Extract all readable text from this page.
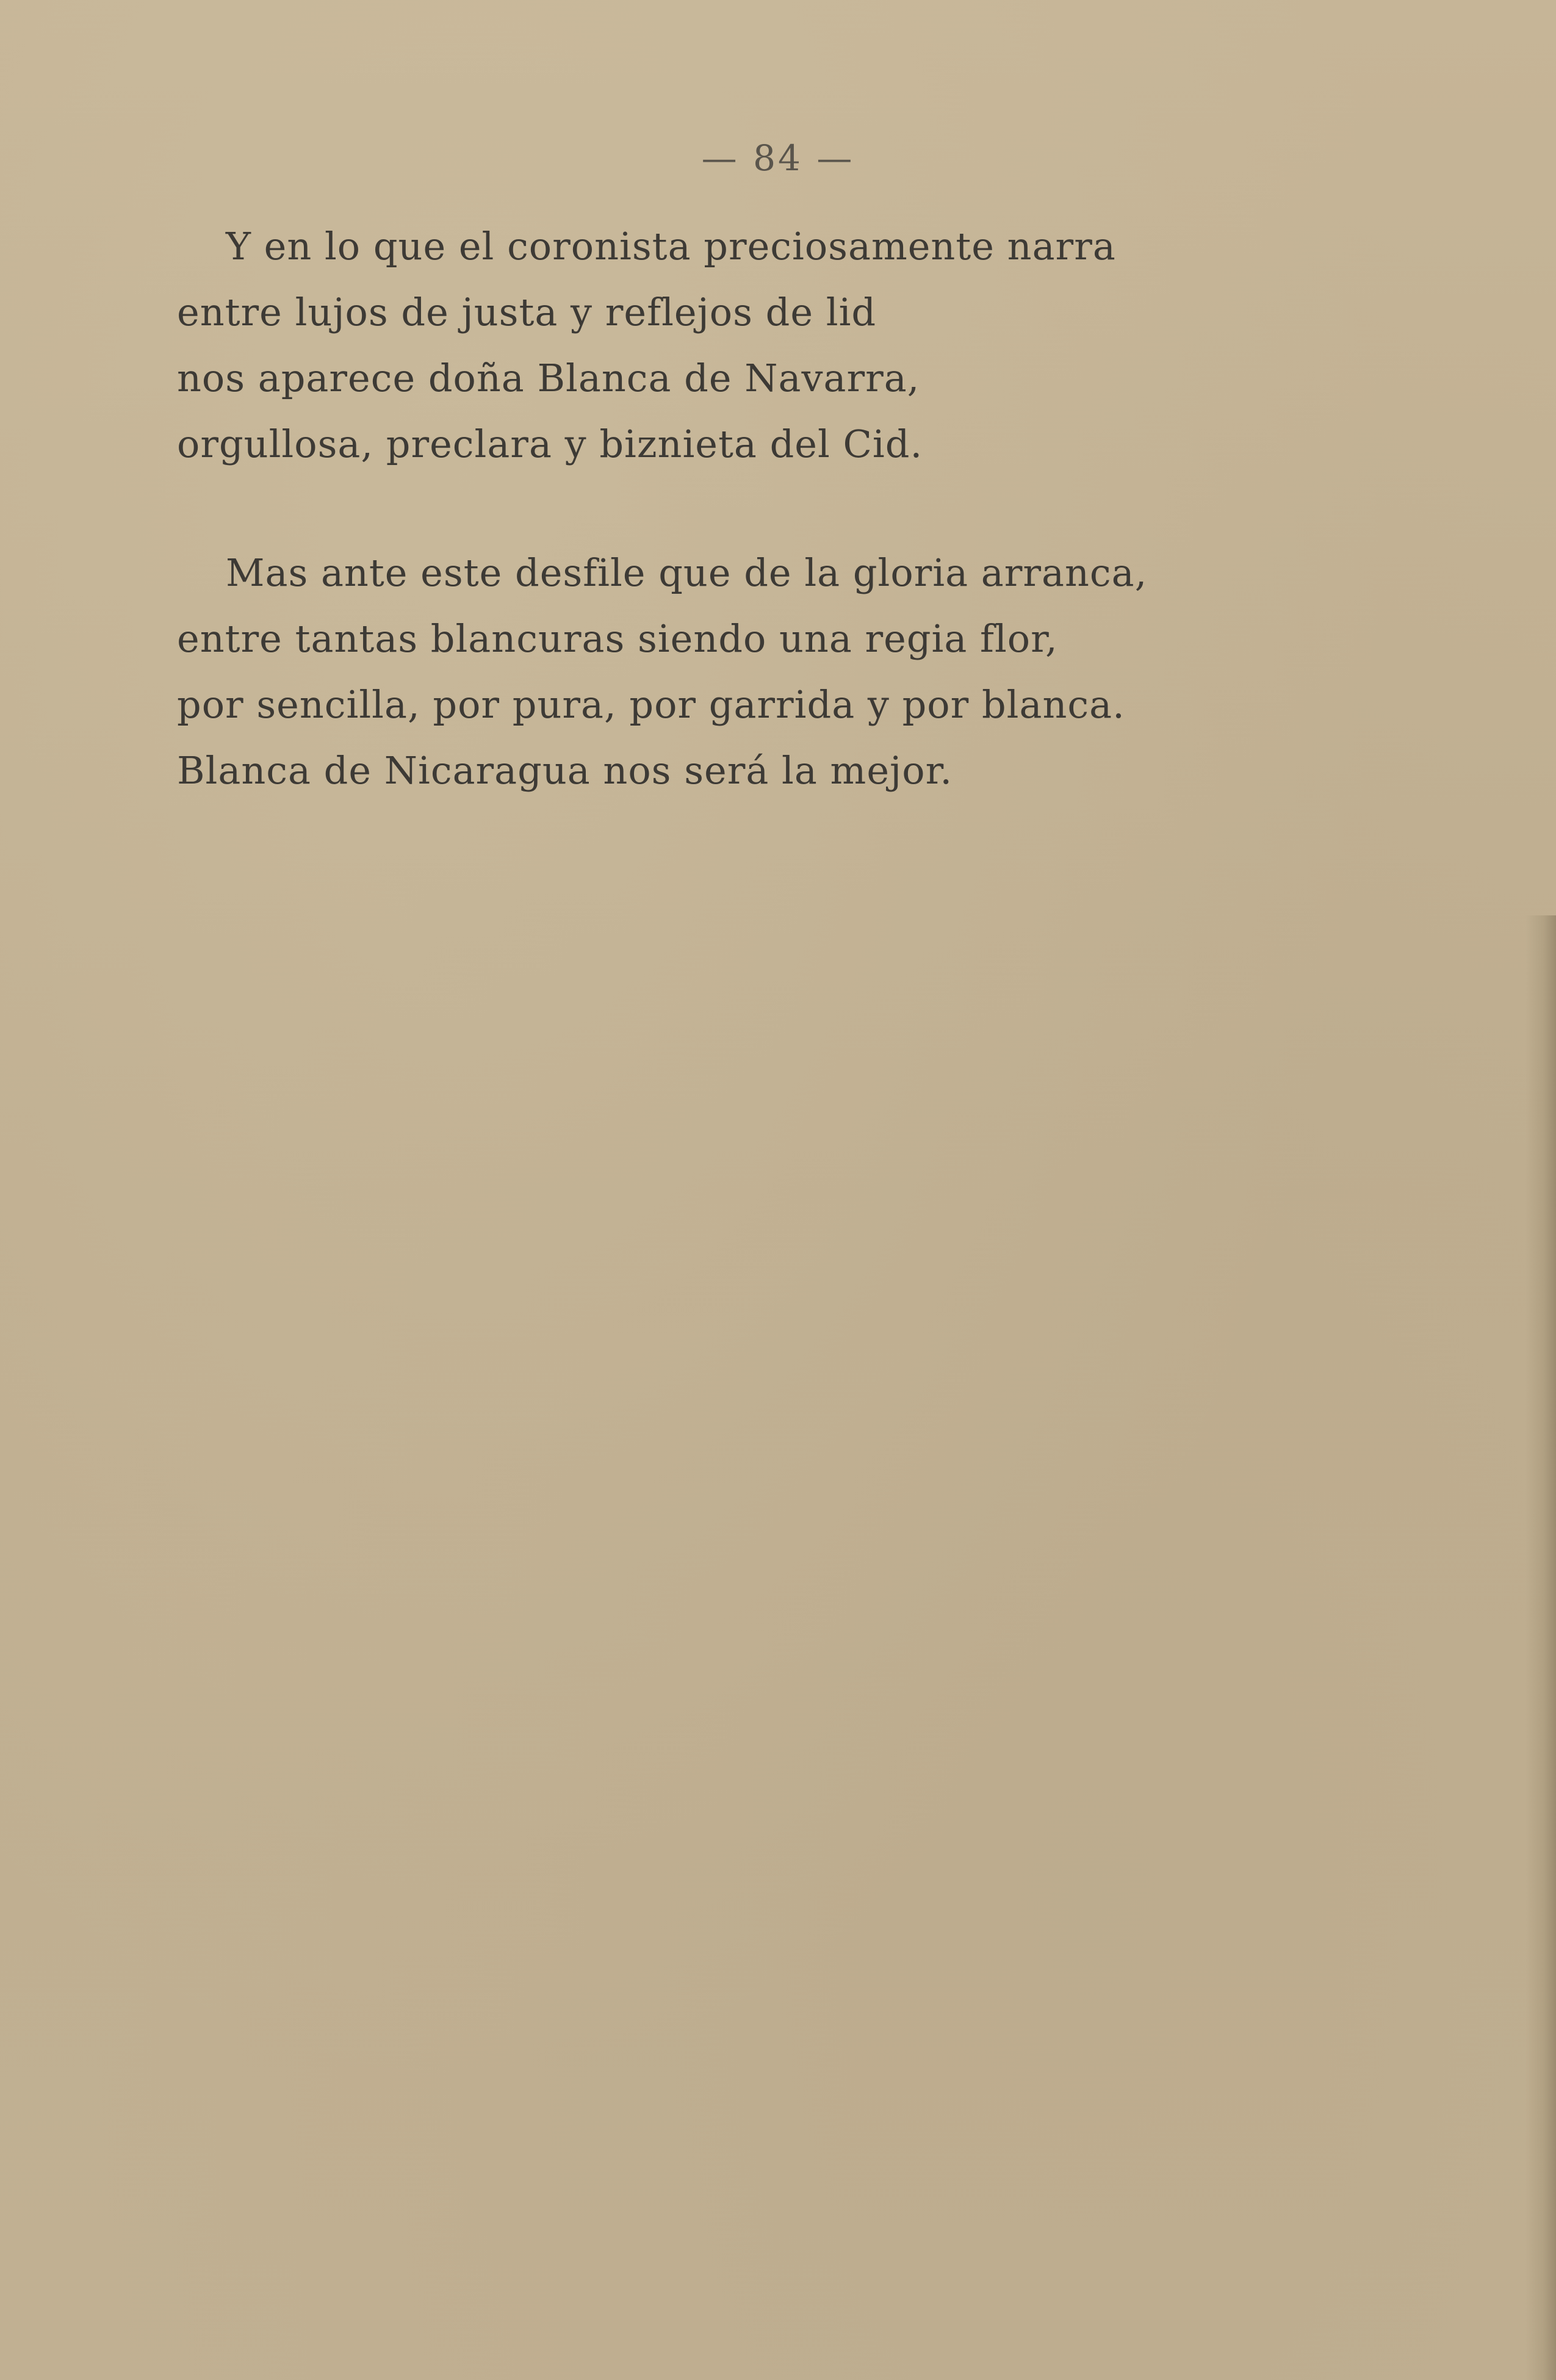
— 84 —
Y en lo que el coronista preciosamente narra
entre lujos de justa y reflejos de lid
nos aparece doña Blanca de Navarra,
orgullosa, preclara y biznieta del Cid.
Mas ante este desfile que de la gloria arranca,
entre tantas blancuras siendo una regia flor,
por sencilla, por pura, por garrida y por blanca.
Blanca de Nicaragua nos será la mejor.
